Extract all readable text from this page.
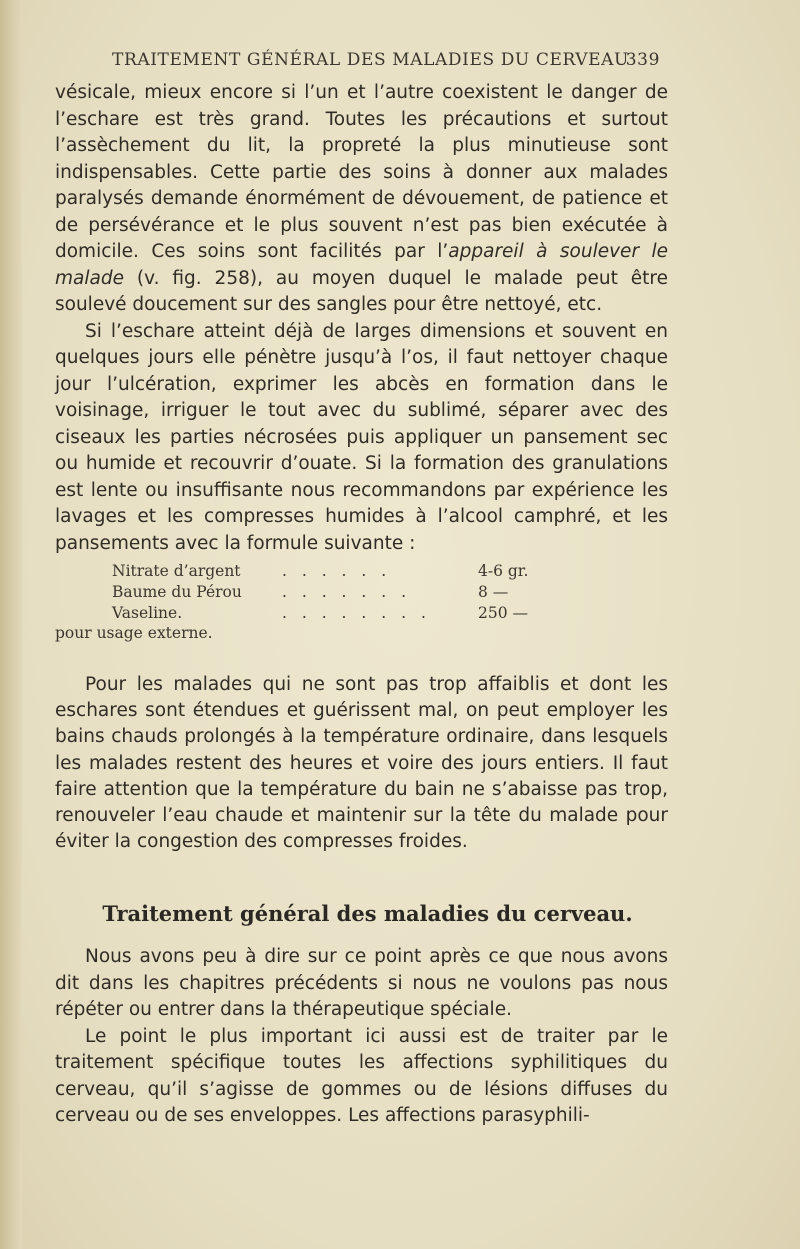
TRAITEMENT GÉNÉRAL DES MALADIES DU CERVEAU
339

vésicale, mieux encore si l’un et l’autre coexistent le danger de l’eschare est très grand. Toutes les précautions et surtout l’assèchement du lit, la propreté la plus minutieuse sont indispensables. Cette partie des soins à donner aux malades paralysés demande énormément de dévouement, de patience et de persévérance et le plus souvent n’est pas bien exécutée à domicile. Ces soins sont facilités par l’appareil à soulever le malade (v. fig. 258), au moyen duquel le malade peut être soulevé doucement sur des sangles pour être nettoyé, etc.

Si l’eschare atteint déjà de larges dimensions et souvent en quelques jours elle pénètre jusqu’à l’os, il faut nettoyer chaque jour l’ulcération, exprimer les abcès en formation dans le voisinage, irriguer le tout avec du sublimé, séparer avec des ciseaux les parties nécrosées puis appliquer un pansement sec ou humide et recouvrir d’ouate. Si la formation des granulations est lente ou insuffisante nous recommandons par expérience les lavages et les compresses humides à l’alcool camphré, et les pansements avec la formule suivante :

Nitrate d’argent	. . . . . .	4-6 gr.
Baume du Pérou	. . . . . . .	8 —
Vaseline.	. . . . . . . .	250 —
pour usage externe.

Pour les malades qui ne sont pas trop affaiblis et dont les eschares sont étendues et guérissent mal, on peut employer les bains chauds prolongés à la température ordinaire, dans lesquels les malades restent des heures et voire des jours entiers. Il faut faire attention que la température du bain ne s’abaisse pas trop, renouveler l’eau chaude et maintenir sur la tête du malade pour éviter la congestion des compresses froides.

Traitement général des maladies du cerveau.

Nous avons peu à dire sur ce point après ce que nous avons dit dans les chapitres précédents si nous ne voulons pas nous répéter ou entrer dans la thérapeutique spéciale.

Le point le plus important ici aussi est de traiter par le traitement spécifique toutes les affections syphilitiques du cerveau, qu’il s’agisse de gommes ou de lésions diffuses du cerveau ou de ses enveloppes. Les affections parasyphili-
